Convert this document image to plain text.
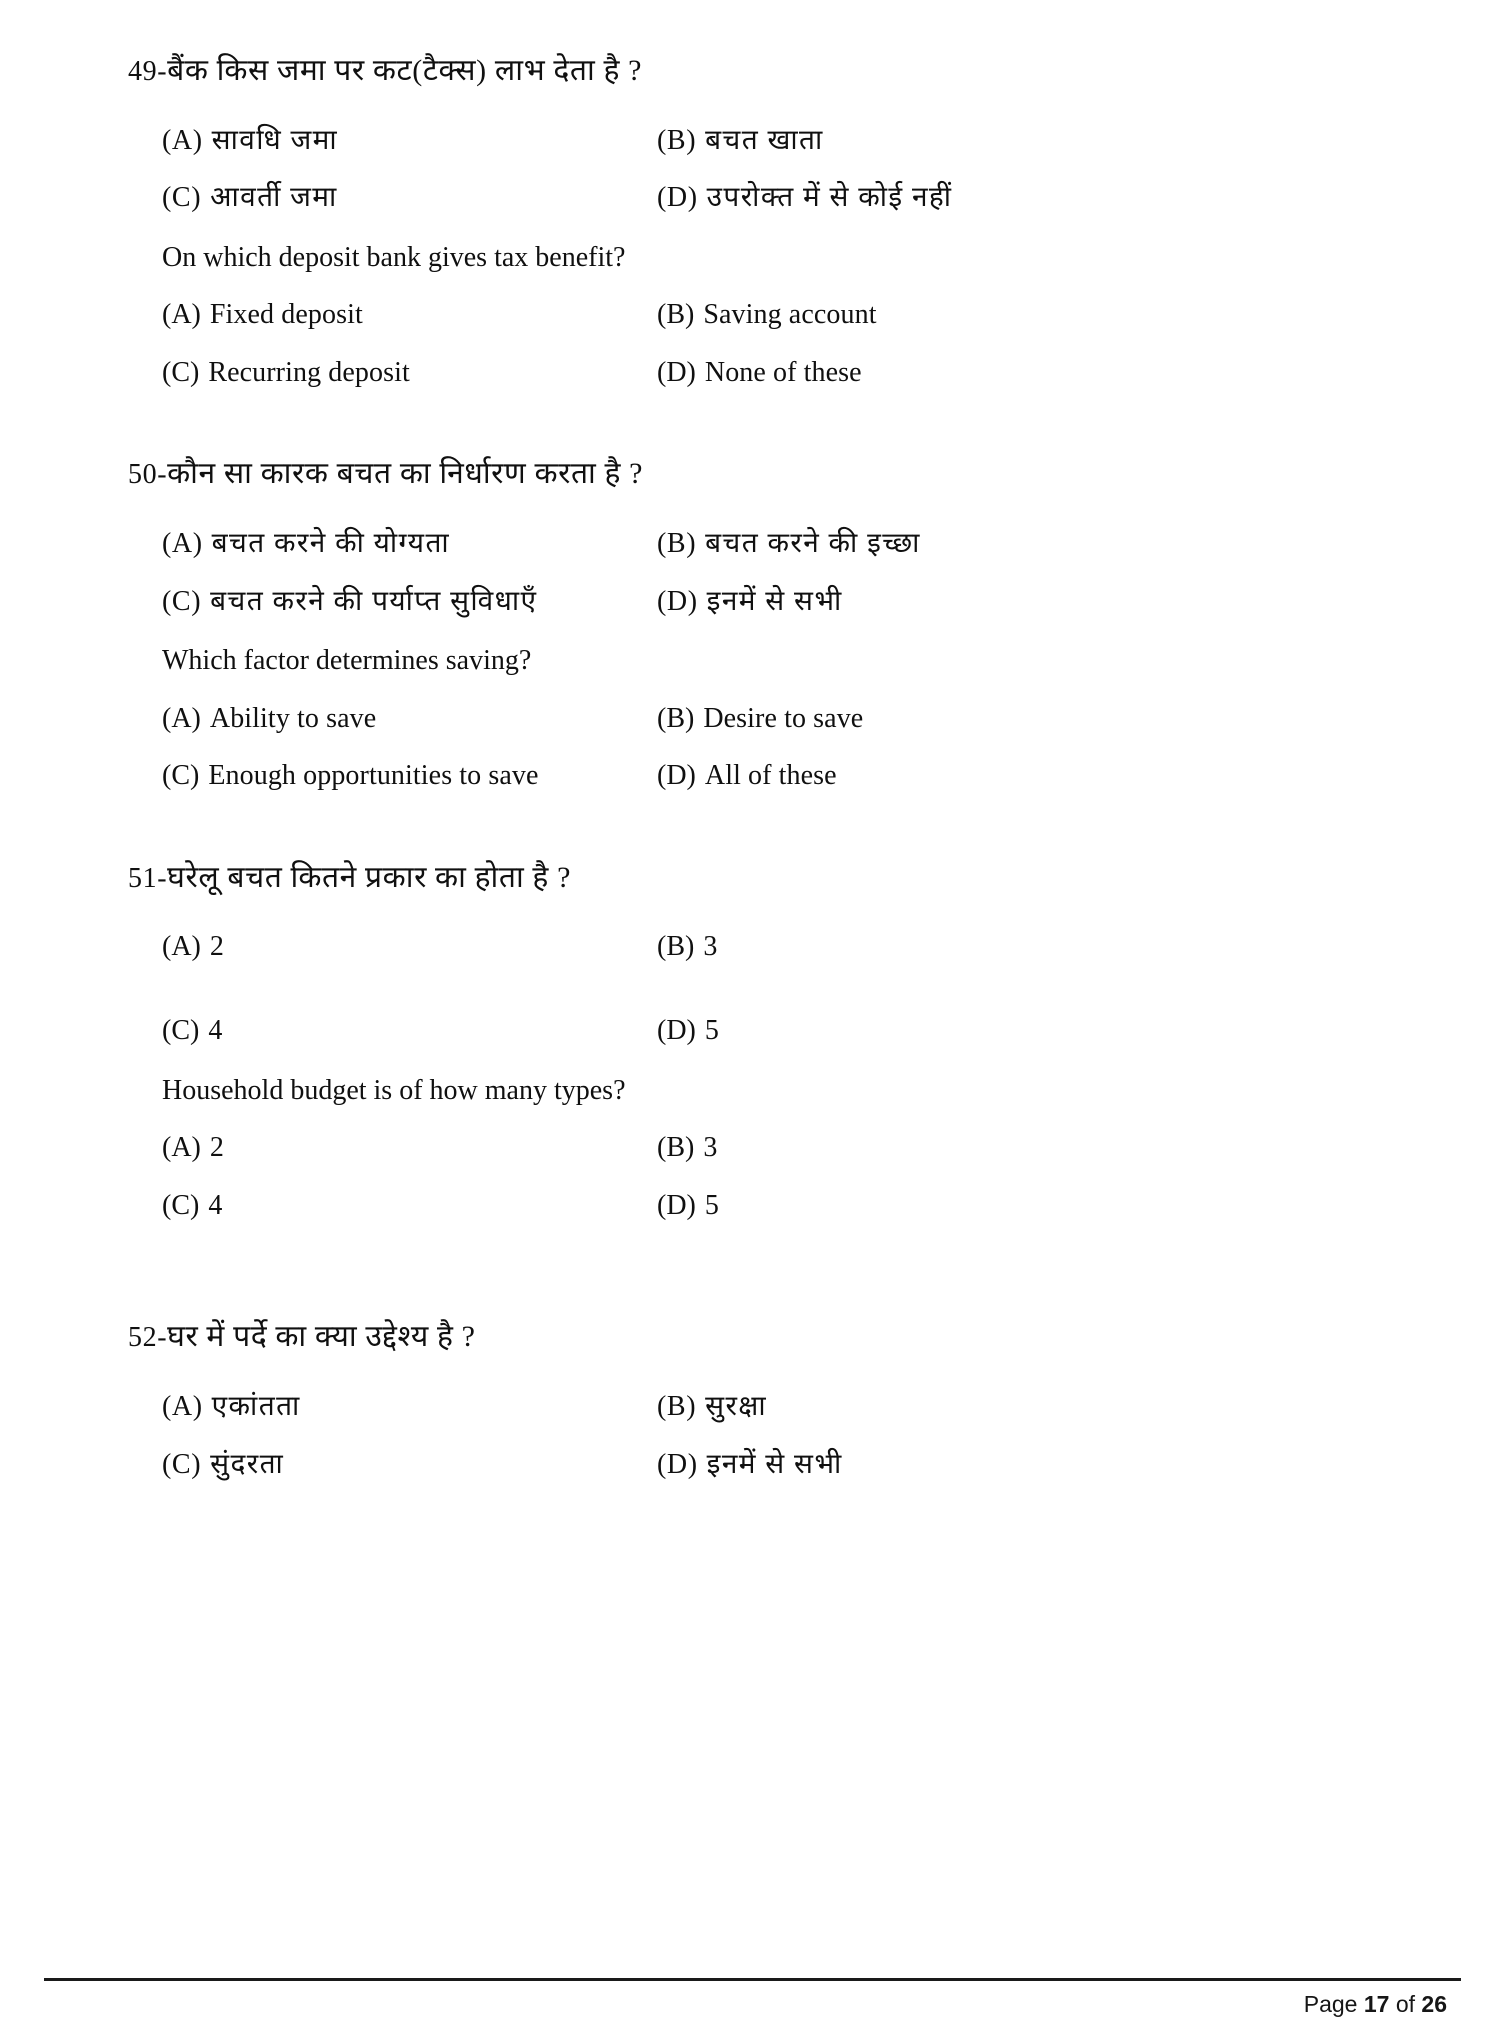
49-बैंक किस जमा पर कट(टैक्स) लाभ देता है ?
(A) सावधि जमा	(B) बचत खाता
(C) आवर्ती जमा	(D) उपरोक्त में से कोई नहीं
On which deposit bank gives tax benefit?
(A) Fixed deposit	(B) Saving account
(C) Recurring deposit	(D) None of these
50-कौन सा कारक बचत का निर्धारण करता है ?
(A) बचत करने की योग्यता	(B) बचत करने की इच्छा
(C) बचत करने की पर्याप्त सुविधाएँ	(D) इनमें से सभी
Which factor determines saving?
(A) Ability to save	(B) Desire to save
(C) Enough opportunities to save	(D) All of these
51-घरेलू बचत कितने प्रकार का होता है ?
(A) 2	(B) 3
(C) 4	(D) 5
Household budget is of how many types?
(A) 2	(B) 3
(C) 4	(D) 5
52-घर में पर्दे का क्या उद्देश्य है ?
(A) एकांतता	(B) सुरक्षा
(C) सुंदरता	(D) इनमें से सभी
Page 17 of 26
